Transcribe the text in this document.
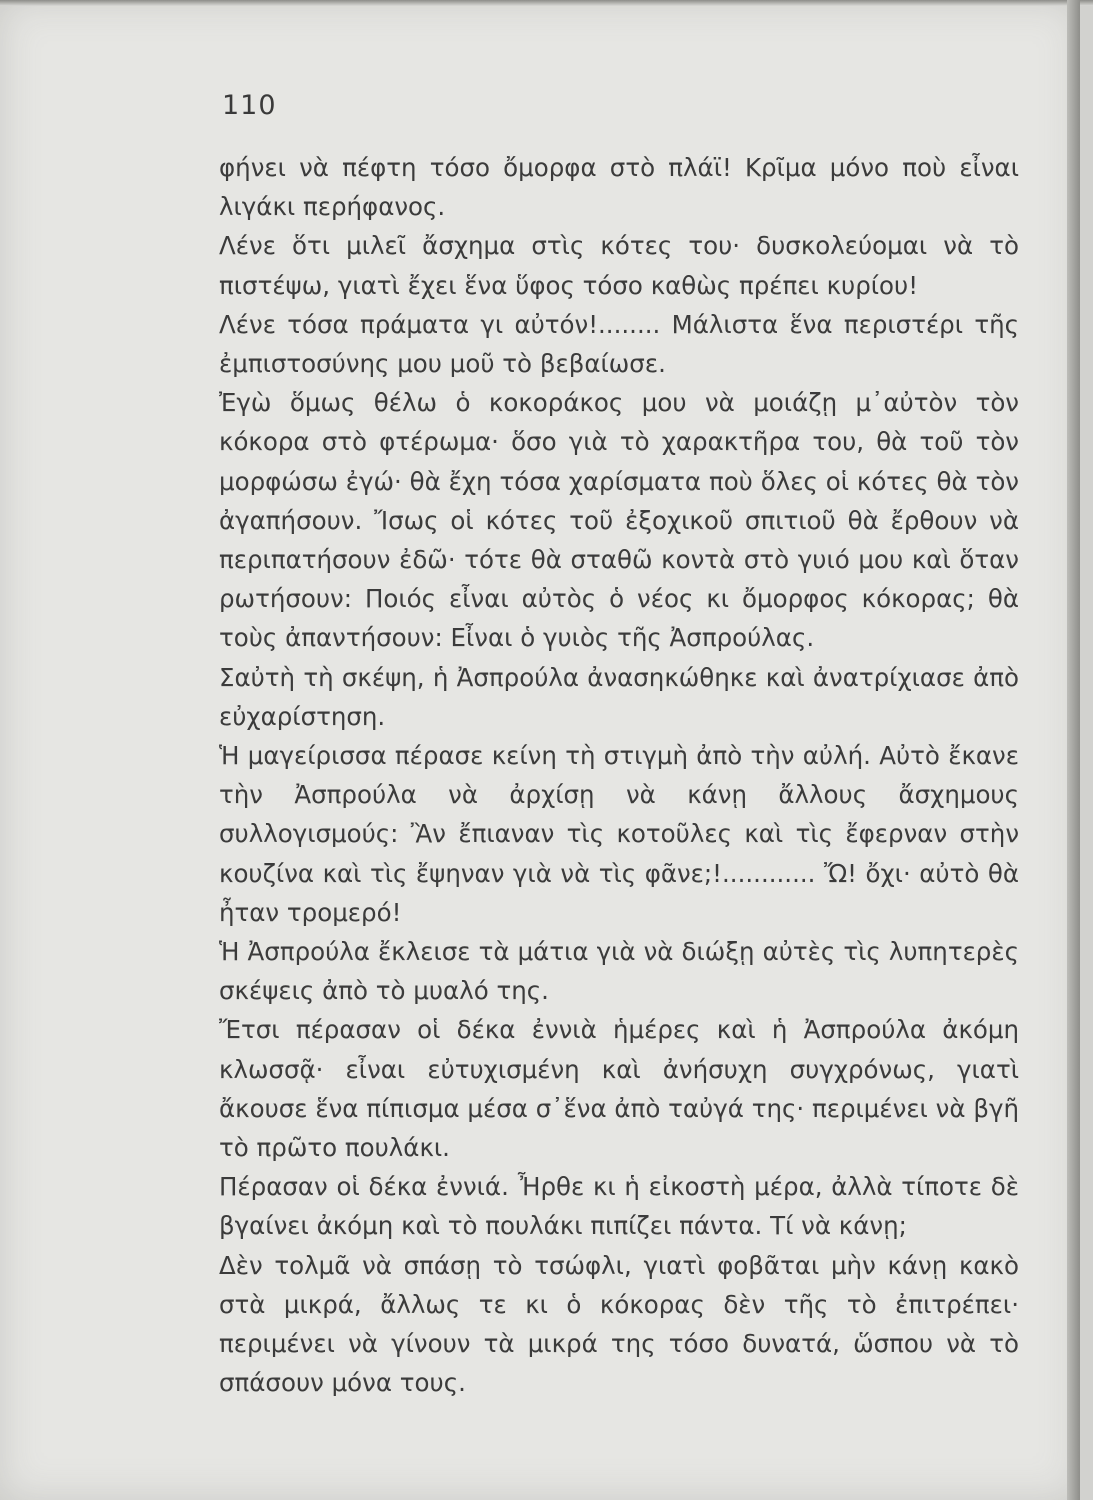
110

φήνει νὰ πέφτη τόσο ὄμορφα στὸ πλάϊ! Κρῖμα μόνο ποὺ εἶναι λιγάκι περήφανος.

Λένε ὅτι μιλεῖ ἄσχημα στὶς κότες του· δυσκολεύομαι νὰ τὸ πιστέψω, γιατὶ ἔχει ἕνα ὕφος τόσο καθὼς πρέπει κυρίου!

Λένε τόσα πράματα γι αὐτόν!........ Μάλιστα ἕνα περιστέρι τῆς ἐμπιστοσύνης μου μοῦ τὸ βεβαίωσε.

Ἐγὼ ὅμως θέλω ὁ κοκοράκος μου νὰ μοιάζῃ μ᾽αὐτὸν τὸν κόκορα στὸ φτέρωμα· ὅσο γιὰ τὸ χαρακτῆρα του, θὰ τοῦ τὸν μορφώσω ἐγώ· θὰ ἔχη τόσα χαρίσματα ποὺ ὅλες οἱ κότες θὰ τὸν ἀγαπήσουν. Ἴσως οἱ κότες τοῦ ἐξοχικοῦ σπιτιοῦ θὰ ἔρθουν νὰ περιπατήσουν ἐδῶ· τότε θὰ σταθῶ κοντὰ στὸ γυιό μου καὶ ὅταν ρωτήσουν: Ποιός εἶναι αὐτὸς ὁ νέος κι ὄμορφος κόκορας; θὰ τοὺς ἀπαντήσουν: Εἶναι ὁ γυιὸς τῆς Ἀσπρούλας.

Σαὐτὴ τὴ σκέψη, ἡ Ἀσπρούλα ἀνασηκώθηκε καὶ ἀνατρίχιασε ἀπὸ εὐχαρίστηση.

Ἡ μαγείρισσα πέρασε κείνη τὴ στιγμὴ ἀπὸ τὴν αὐλή. Αὐτὸ ἔκανε τὴν Ἀσπρούλα νὰ ἀρχίσῃ νὰ κάνῃ ἄλλους ἄσχημους συλλογισμούς: Ἂν ἔπιαναν τὶς κοτοῦλες καὶ τὶς ἔφερναν στὴν κουζίνα καὶ τὶς ἔψηναν γιὰ νὰ τὶς φᾶνε;!............ Ὤ! ὄχι· αὐτὸ θὰ ἦταν τρομερό!

Ἡ Ἀσπρούλα ἔκλεισε τὰ μάτια γιὰ νὰ διώξῃ αὐτὲς τὶς λυπητερὲς σκέψεις ἀπὸ τὸ μυαλό της.

Ἔτσι πέρασαν οἱ δέκα ἐννιὰ ἡμέρες καὶ ἡ Ἀσπρούλα ἀκόμη κλωσσᾷ· εἶναι εὐτυχισμένη καὶ ἀνήσυχη συγχρόνως, γιατὶ ἄκουσε ἕνα πίπισμα μέσα σ᾽ἕνα ἀπὸ ταὐγά της· περιμένει νὰ βγῆ τὸ πρῶτο πουλάκι.

Πέρασαν οἱ δέκα ἐννιά. Ἦρθε κι ἡ εἰκοστὴ μέρα, ἀλλὰ τίποτε δὲ βγαίνει ἀκόμη καὶ τὸ πουλάκι πιπίζει πάντα. Τί νὰ κάνῃ;

Δὲν τολμᾶ νὰ σπάσῃ τὸ τσώφλι, γιατὶ φοβᾶται μὴν κάνῃ κακὸ στὰ μικρά, ἄλλως τε κι ὁ κόκορας δὲν τῆς τὸ ἐπιτρέπει· περιμένει νὰ γίνουν τὰ μικρά της τόσο δυνατά, ὥσπου νὰ τὸ σπάσουν μόνα τους.
